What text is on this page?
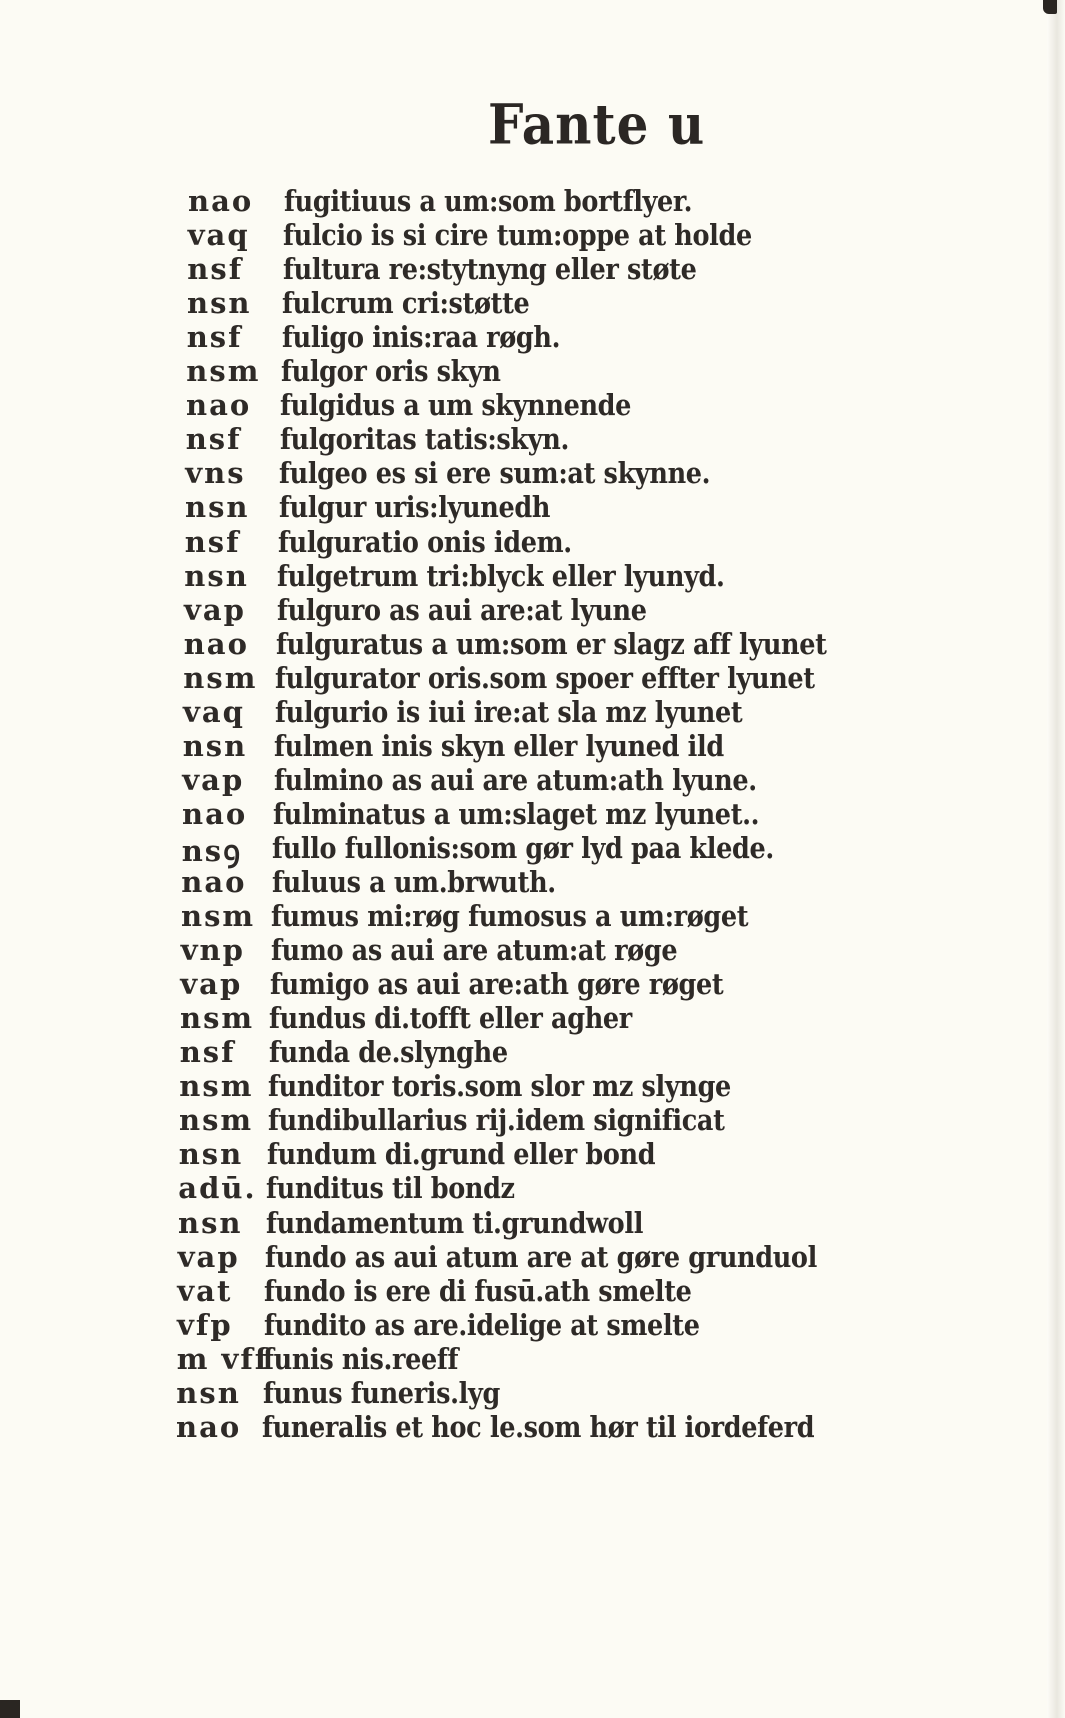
Fante u
nao fugitiuus a um:som bortflyer.
vaq fulcio is si cire tum:oppe at holde
nsf fultura re:stytnyng eller støte
nsn fulcrum cri:støtte
nsf fuligo inis:raa røgh.
nsm fulgor oris skyn
nao fulgidus a um skynnende
nsf fulgoritas tatis:skyn.
vns fulgeo es si ere sum:at skynne.
nsn fulgur uris:lyunedh
nsf fulguratio onis idem.
nsn fulgetrum tri:blyck eller lyunyd.
vap fulguro as aui are:at lyune
nao fulguratus a um:som er slagz aff lyunet
nsm fulgurator oris.som spoer effter lyunet
vaq fulgurio is iui ire:at sla mz lyunet
nsn fulmen inis skyn eller lyuned ild
vap fulmino as aui are atum:ath lyune.
nao fulminatus a um:slaget mz lyunet..
nsꝯ fullo fullonis:som gør lyd paa klede.
nao fuluus a um.brwuth.
nsm fumus mi:røg fumosus a um:røget
vnp fumo as aui are atum:at røge
vap fumigo as aui are:ath gøre røget
nsm fundus di.tofft eller agher
nsf funda de.slynghe
nsm funditor toris.som slor mz slynge
nsm fundibullarius rij.idem significat
nsn fundum di.grund eller bond
adū. funditus til bondz
nsn fundamentum ti.grundwoll
vap fundo as aui atum are at gøre grunduol
vat fundo is ere di fusū.ath smelte
vfp fundito as are.idelige at smelte
m vff
funis nis.reeff
nsn funus funeris.lyg
nao funeralis et hoc le.som hør til iordeferd
